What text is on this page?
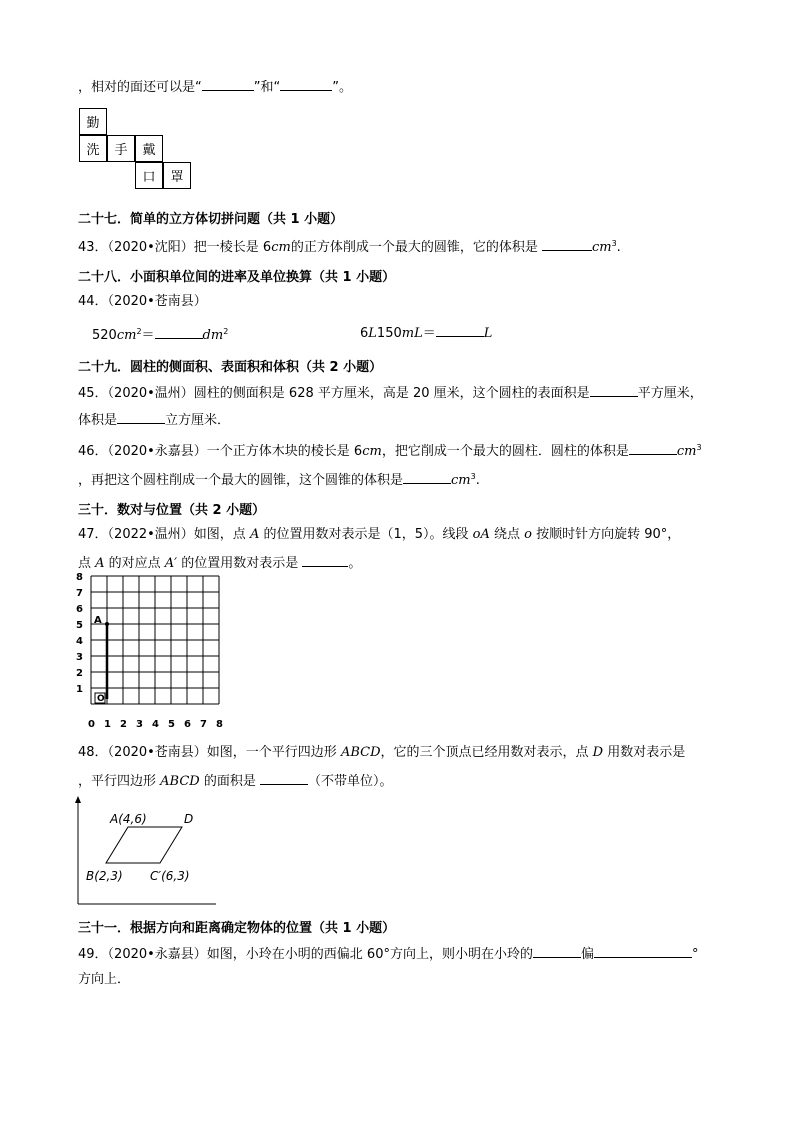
，相对的面还可以是“	”和“	”。
勤
洗	手	戴
口	罩
二十七．简单的立方体切拼问题（共 1 小题）
43．（2020•沈阳）把一棱长是 6cm的正方体削成一个最大的圆锥，它的体积是	$cm^3$.
二十八．小面积单位间的进率及单位换算（共 1 小题）
44．（2020•苍南县）
$520cm^2=$	$dm^2$	6L150mL＝	L
二十九．圆柱的侧面积、表面积和体积（共 2 小题）
45．（2020•温州）圆柱的侧面积是 628 平方厘米，高是 20 厘米，这个圆柱的表面积是	平方厘米，
体积是	立方厘米．
46．（2020•永嘉县）一个正方体木块的棱长是 6cm，把它削成一个最大的圆柱．圆柱的体积是	$cm^3$
，再把这个圆柱削成一个最大的圆锥，这个圆锥的体积是	$cm^3$.
三十．数对与位置（共 2 小题）
47．（2022•温州）如图，点 A 的位置用数对表示是（1，5）。线段 oA 绕点 o 按顺时针方向旋转 90°，
点 A 的对应点 A′ 的位置用数对表示是	。
0 1 2 3 4 5 6 7 8
1
2
3
4
5
6
7
8
A
O
48．（2020•苍南县）如图，一个平行四边形 ABCD，它的三个顶点已经用数对表示，点 D 用数对表示是
，平行四边形 ABCD 的面积是	（不带单位）。
A(4,6)	D
B(2,3) C′(6,3)
三十一．根据方向和距离确定物体的位置（共 1 小题）
49．（2020•永嘉县）如图，小玲在小明的西偏北 60°方向上，则小明在小玲的	偏	°
方向上．
